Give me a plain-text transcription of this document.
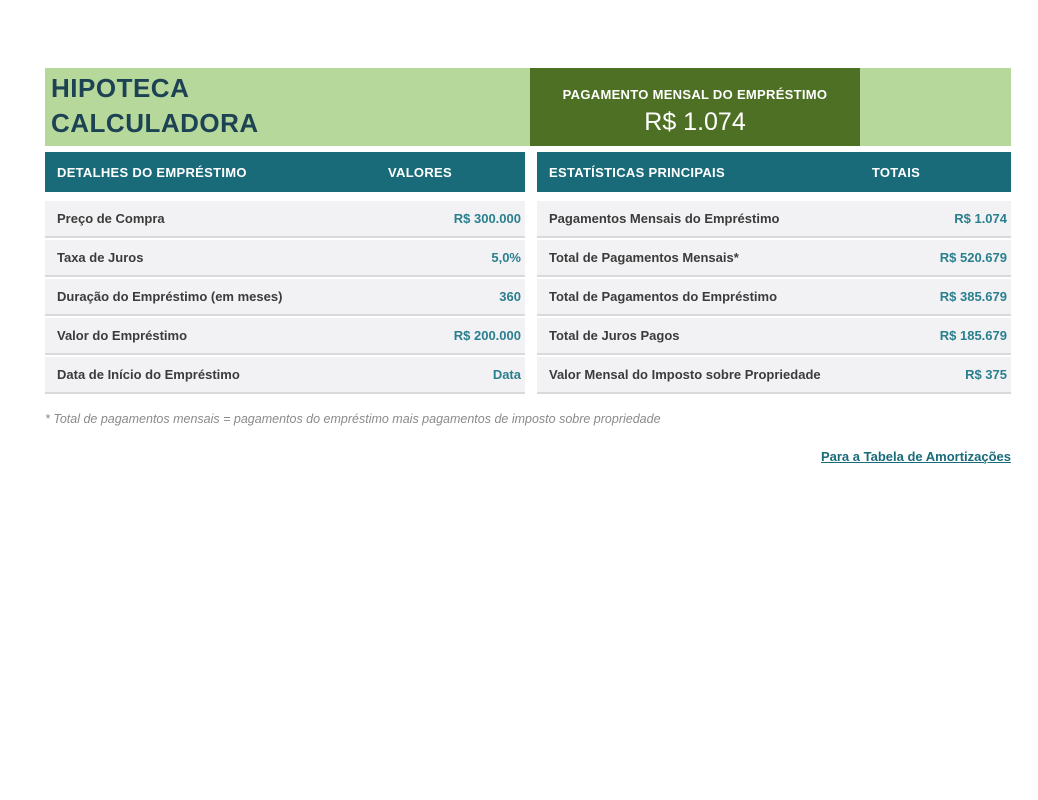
HIPOTECA
CALCULADORA
PAGAMENTO MENSAL DO EMPRÉSTIMO
R$ 1.074
DETALHES DO EMPRÉSTIMO	VALORES
Preço de Compra	R$ 300.000
Taxa de Juros	5,0%
Duração do Empréstimo (em meses)	360
Valor do Empréstimo	R$ 200.000
Data de Início do Empréstimo	Data
ESTATÍSTICAS PRINCIPAIS	TOTAIS
Pagamentos Mensais do Empréstimo	R$ 1.074
Total de Pagamentos Mensais*	R$ 520.679
Total de Pagamentos do Empréstimo	R$ 385.679
Total de Juros Pagos	R$ 185.679
Valor Mensal do Imposto sobre Propriedade	R$ 375
* Total de pagamentos mensais = pagamentos do empréstimo mais pagamentos de imposto sobre propriedade
Para a Tabela de Amortizações
